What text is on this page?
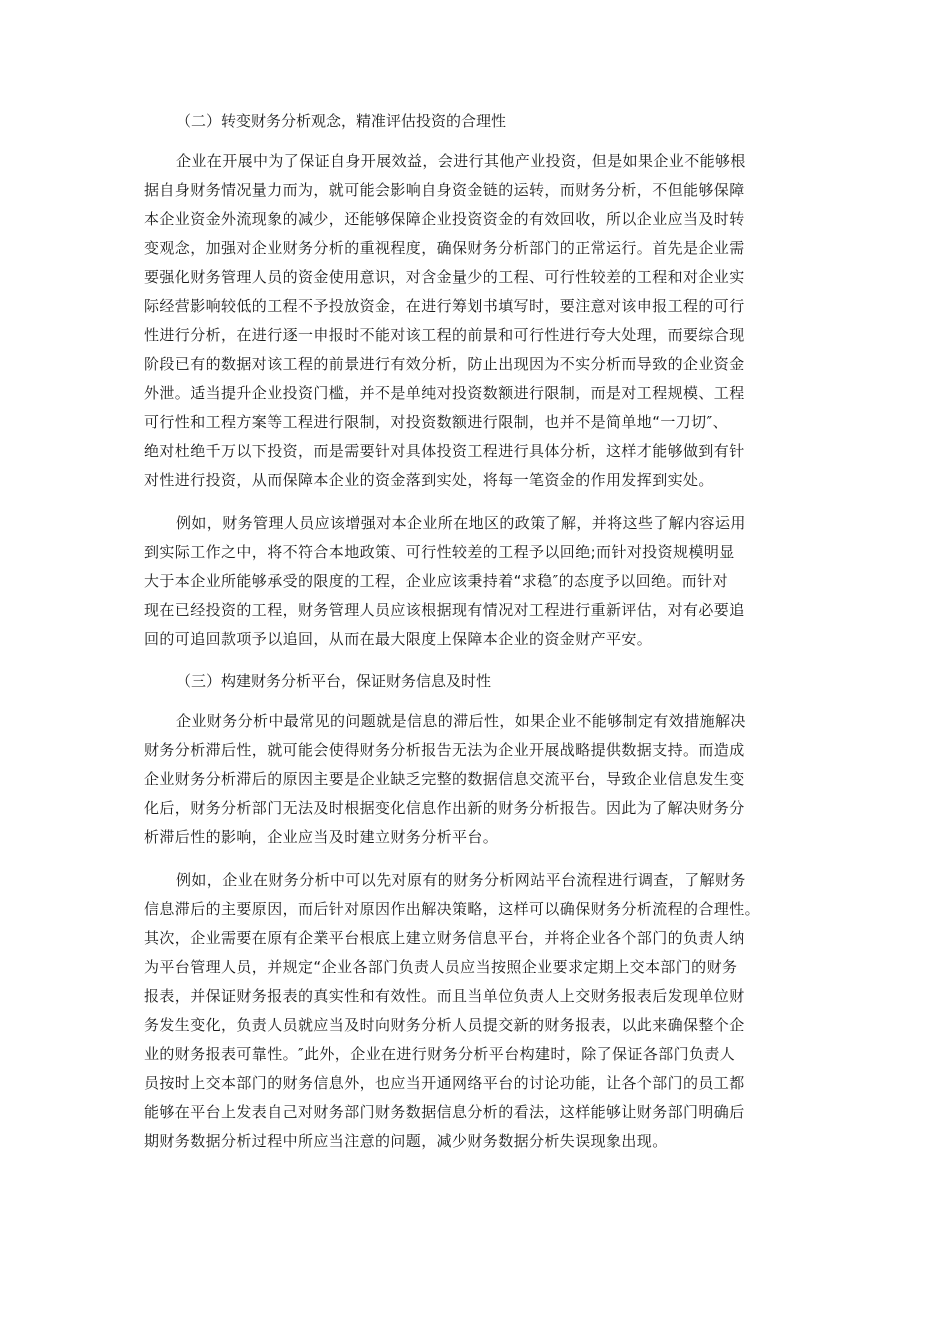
（二）转变财务分析观念，精准评估投资的合理性
企业在开展中为了保证自身开展效益，会进行其他产业投资，但是如果企业不能够根
据自身财务情况量力而为，就可能会影响自身资金链的运转，而财务分析，不但能够保障
本企业资金外流现象的减少，还能够保障企业投资资金的有效回收，所以企业应当及时转
变观念，加强对企业财务分析的重视程度，确保财务分析部门的正常运行。首先是企业需
要强化财务管理人员的资金使用意识，对含金量少的工程、可行性较差的工程和对企业实
际经营影响较低的工程不予投放资金，在进行筹划书填写时，要注意对该申报工程的可行
性进行分析，在进行逐一申报时不能对该工程的前景和可行性进行夸大处理，而要综合现
阶段已有的数据对该工程的前景进行有效分析，防止出现因为不实分析而导致的企业资金
外泄。适当提升企业投资门槛，并不是单纯对投资数额进行限制，而是对工程规模、工程
可行性和工程方案等工程进行限制，对投资数额进行限制，也并不是简单地“一刀切″、
绝对杜绝千万以下投资，而是需要针对具体投资工程进行具体分析，这样才能够做到有针
对性进行投资，从而保障本企业的资金落到实处，将每一笔资金的作用发挥到实处。
例如，财务管理人员应该增强对本企业所在地区的政策了解，并将这些了解内容运用
到实际工作之中，将不符合本地政策、可行性较差的工程予以回绝;而针对投资规模明显
大于本企业所能够承受的限度的工程，企业应该秉持着“求稳″的态度予以回绝。而针对
现在已经投资的工程，财务管理人员应该根据现有情况对工程进行重新评估，对有必要追
回的可追回款项予以追回，从而在最大限度上保障本企业的资金财产平安。
（三）构建财务分析平台，保证财务信息及时性
企业财务分析中最常见的问题就是信息的滞后性，如果企业不能够制定有效措施解决
财务分析滞后性，就可能会使得财务分析报告无法为企业开展战略提供数据支持。而造成
企业财务分析滞后的原因主要是企业缺乏完整的数据信息交流平台，导致企业信息发生变
化后，财务分析部门无法及时根据变化信息作出新的财务分析报告。因此为了解决财务分
析滞后性的影响，企业应当及时建立财务分析平台。
例如，企业在财务分析中可以先对原有的财务分析网站平台流程进行调查，了解财务
信息滞后的主要原因，而后针对原因作出解决策略，这样可以确保财务分析流程的合理性。
其次，企业需要在原有企業平台根底上建立财务信息平台，并将企业各个部门的负责人纳
为平台管理人员，并规定“企业各部门负责人员应当按照企业要求定期上交本部门的财务
报表，并保证财务报表的真实性和有效性。而且当单位负责人上交财务报表后发现单位财
务发生变化，负责人员就应当及时向财务分析人员提交新的财务报表，以此来确保整个企
业的财务报表可靠性。″此外，企业在进行财务分析平台构建时，除了保证各部门负责人
员按时上交本部门的财务信息外，也应当开通网络平台的讨论功能，让各个部门的员工都
能够在平台上发表自己对财务部门财务数据信息分析的看法，这样能够让财务部门明确后
期财务数据分析过程中所应当注意的问题，减少财务数据分析失误现象出现。
